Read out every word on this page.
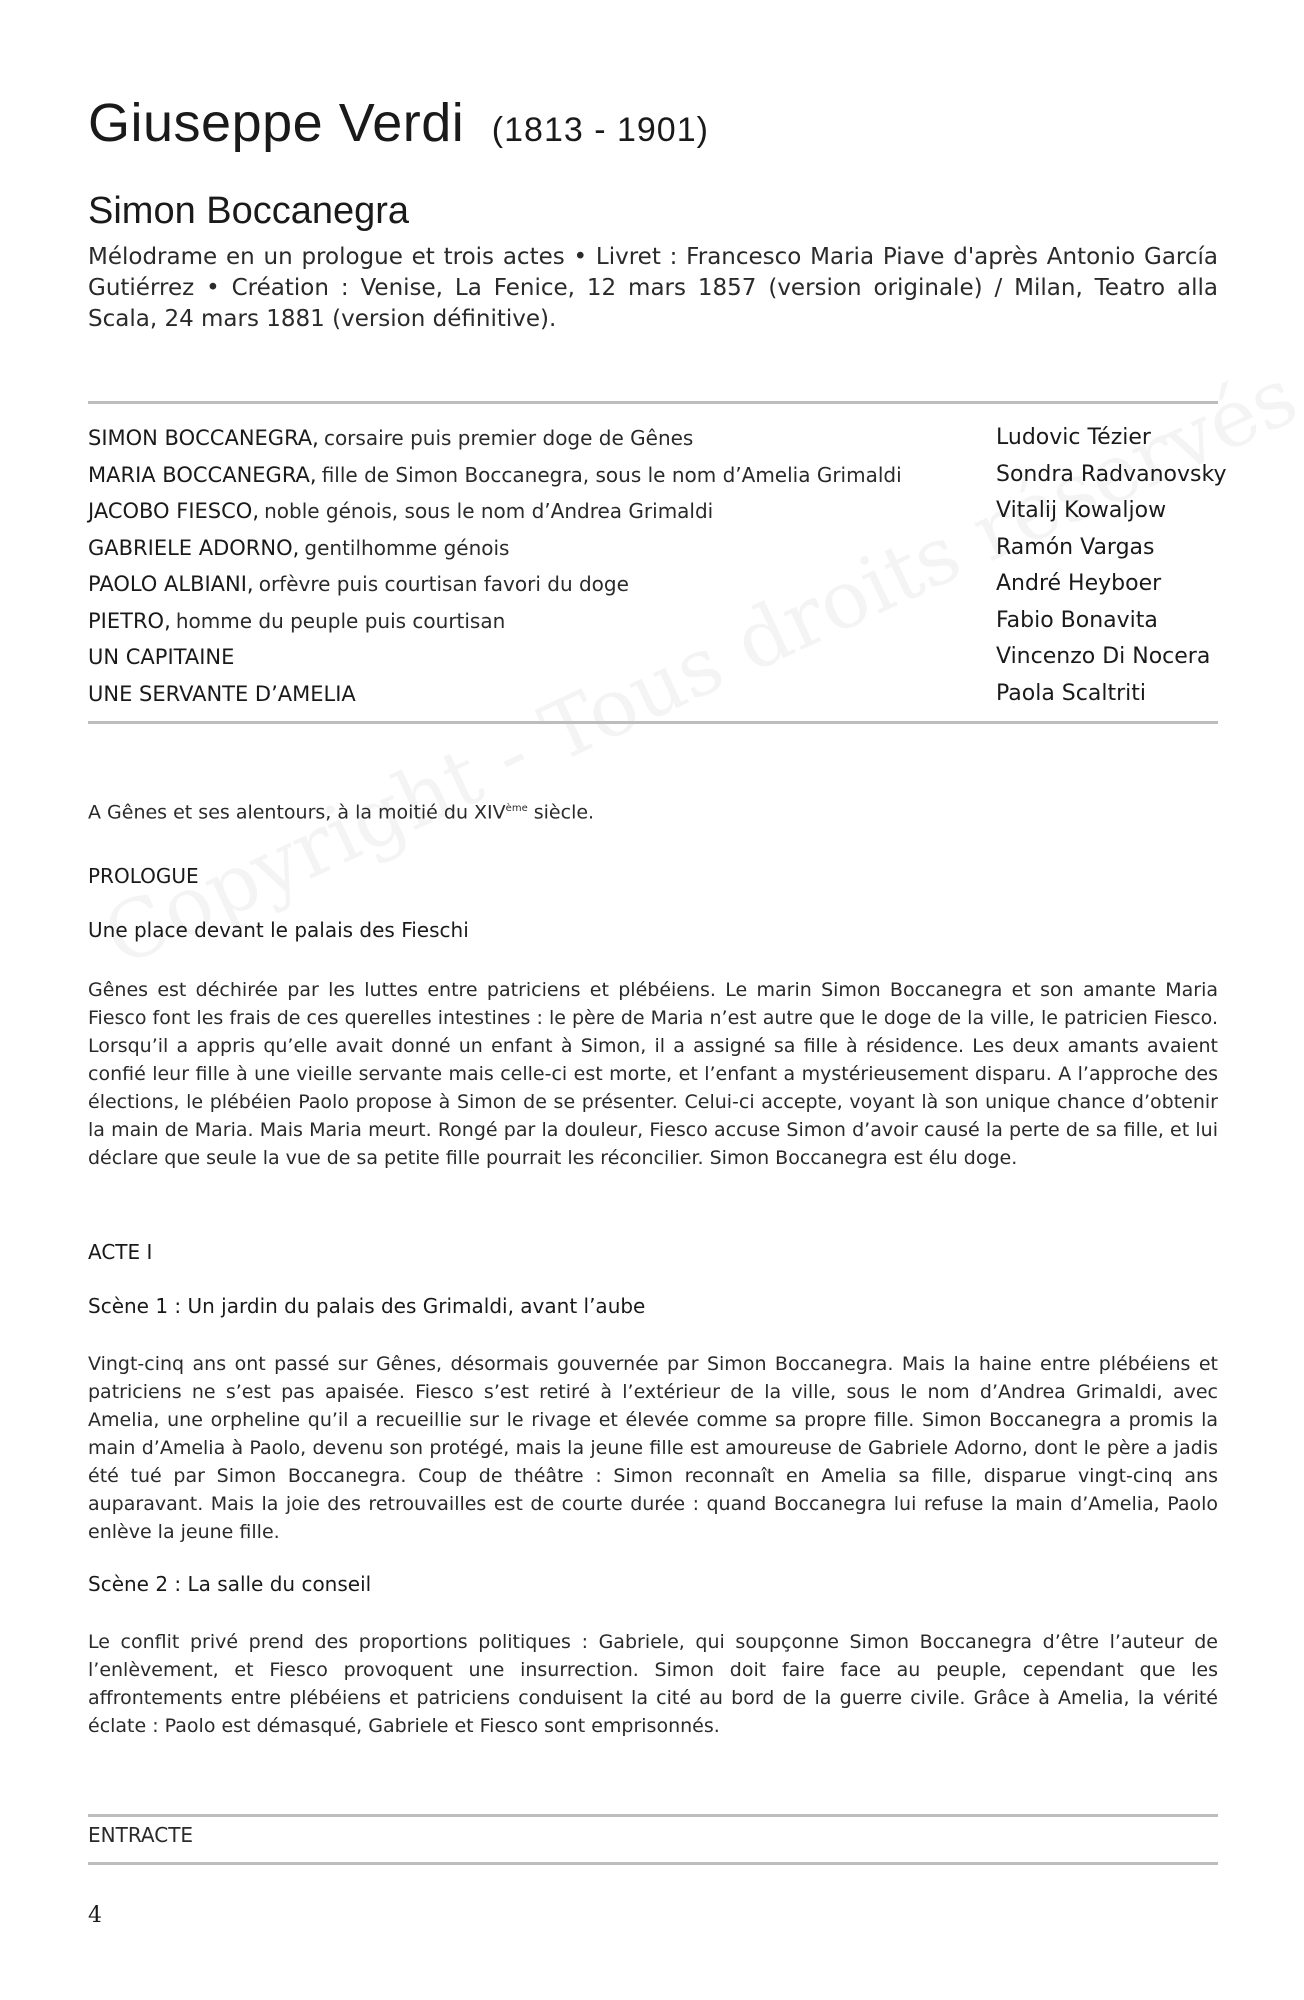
Giuseppe Verdi (1813 - 1901)
Simon Boccanegra

Mélodrame en un prologue et trois actes • Livret : Francesco Maria Piave d'après Antonio García Gutiérrez • Création : Venise, La Fenice, 12 mars 1857 (version originale) / Milan, Teatro alla Scala, 24 mars 1881 (version définitive).

SIMON BOCCANEGRA, corsaire puis premier doge de Gênes	Ludovic Tézier
MARIA BOCCANEGRA, fille de Simon Boccanegra, sous le nom d’Amelia Grimaldi	Sondra Radvanovsky
JACOBO FIESCO, noble génois, sous le nom d’Andrea Grimaldi	Vitalij Kowaljow
GABRIELE ADORNO, gentilhomme génois	Ramón Vargas
PAOLO ALBIANI, orfèvre puis courtisan favori du doge	André Heyboer
PIETRO, homme du peuple puis courtisan	Fabio Bonavita
UN CAPITAINE	Vincenzo Di Nocera
UNE SERVANTE D’AMELIA	Paola Scaltriti

A Gênes et ses alentours, à la moitié du XIVème siècle.

PROLOGUE
Une place devant le palais des Fieschi

Gênes est déchirée par les luttes entre patriciens et plébéiens. Le marin Simon Boccanegra et son amante Maria Fiesco font les frais de ces querelles intestines : le père de Maria n’est autre que le doge de la ville, le patricien Fiesco. Lorsqu’il a appris qu’elle avait donné un enfant à Simon, il a assigné sa fille à résidence. Les deux amants avaient confié leur fille à une vieille servante mais celle-ci est morte, et l’enfant a mystérieusement disparu. A l’approche des élections, le plébéien Paolo propose à Simon de se présenter. Celui-ci accepte, voyant là son unique chance d’obtenir la main de Maria. Mais Maria meurt. Rongé par la douleur, Fiesco accuse Simon d’avoir causé la perte de sa fille, et lui déclare que seule la vue de sa petite fille pourrait les réconcilier. Simon Boccanegra est élu doge.

ACTE I
Scène 1 : Un jardin du palais des Grimaldi, avant l’aube

Vingt-cinq ans ont passé sur Gênes, désormais gouvernée par Simon Boccanegra. Mais la haine entre plébéiens et patriciens ne s’est pas apaisée. Fiesco s’est retiré à l’extérieur de la ville, sous le nom d’Andrea Grimaldi, avec Amelia, une orpheline qu’il a recueillie sur le rivage et élevée comme sa propre fille. Simon Boccanegra a promis la main d’Amelia à Paolo, devenu son protégé, mais la jeune fille est amoureuse de Gabriele Adorno, dont le père a jadis été tué par Simon Boccanegra. Coup de théâtre : Simon reconnaît en Amelia sa fille, disparue vingt-cinq ans auparavant. Mais la joie des retrouvailles est de courte durée : quand Boccanegra lui refuse la main d’Amelia, Paolo enlève la jeune fille.

Scène 2 : La salle du conseil

Le conflit privé prend des proportions politiques : Gabriele, qui soupçonne Simon Boccanegra d’être l’auteur de l’enlèvement, et Fiesco provoquent une insurrection. Simon doit faire face au peuple, cependant que les affrontements entre plébéiens et patriciens conduisent la cité au bord de la guerre civile. Grâce à Amelia, la vérité éclate : Paolo est démasqué, Gabriele et Fiesco sont emprisonnés.

ENTRACTE
4
